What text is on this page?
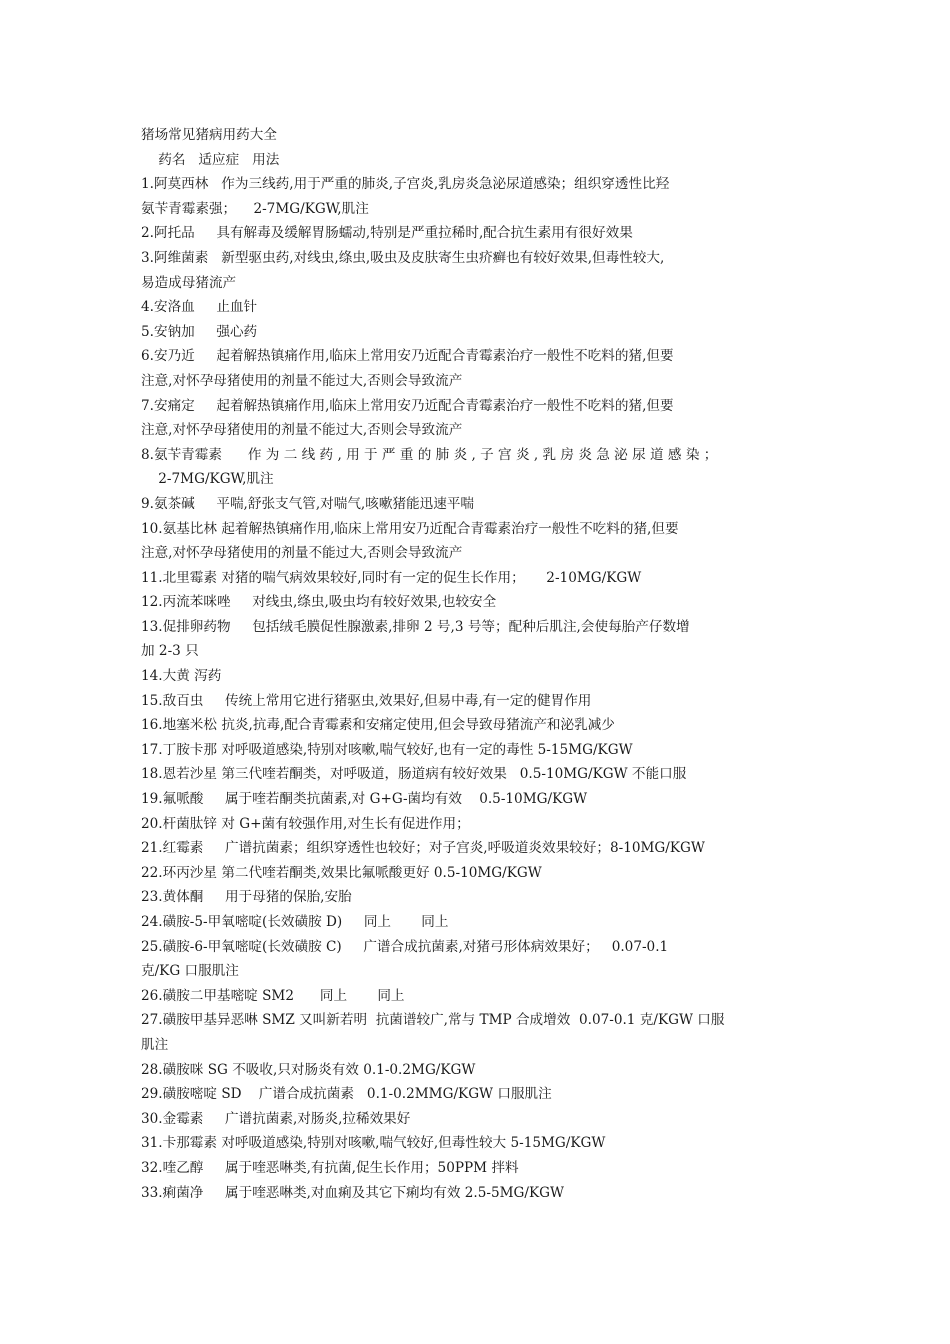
猪场常见猪病用药大全

药名   适应症   用法

1.阿莫西林   作为三线药,用于严重的肺炎,子宫炎,乳房炎急泌尿道感染；组织穿透性比羟

氨苄青霉素强；    2-7MG/KGW,肌注

2.阿托品     具有解毒及缓解胃肠蠕动,特别是严重拉稀时,配合抗生素用有很好效果

3.阿维菌素   新型驱虫药,对线虫,绦虫,吸虫及皮肤寄生虫疥癣也有较好效果,但毒性较大,

易造成母猪流产

4.安洛血     止血针

5.安钠加     强心药

6.安乃近     起着解热镇痛作用,临床上常用安乃近配合青霉素治疗一般性不吃料的猪,但要

注意,对怀孕母猪使用的剂量不能过大,否则会导致流产

7.安痛定     起着解热镇痛作用,临床上常用安乃近配合青霉素治疗一般性不吃料的猪,但要

注意,对怀孕母猪使用的剂量不能过大,否则会导致流产

8.氨苄青霉素      作 为 二 线 药 , 用 于 严 重 的 肺 炎 , 子 宫 炎 , 乳 房 炎 急 泌 尿 道 感 染 ；

2-7MG/KGW,肌注

9.氨茶碱     平喘,舒张支气管,对喘气,咳嗽猪能迅速平喘

10.氨基比林 起着解热镇痛作用,临床上常用安乃近配合青霉素治疗一般性不吃料的猪,但要

注意,对怀孕母猪使用的剂量不能过大,否则会导致流产

11.北里霉素 对猪的喘气病效果较好,同时有一定的促生长作用；     2-10MG/KGW

12.丙流苯咪唑     对线虫,绦虫,吸虫均有较好效果,也较安全

13.促排卵药物     包括绒毛膜促性腺激素,排卵 2 号,3 号等；配种后肌注,会使每胎产仔数增

加 2-3 只

14.大黄 泻药

15.敌百虫     传统上常用它进行猪驱虫,效果好,但易中毒,有一定的健胃作用

16.地塞米松 抗炎,抗毒,配合青霉素和安痛定使用,但会导致母猪流产和泌乳减少

17.丁胺卡那 对呼吸道感染,特别对咳嗽,喘气较好,也有一定的毒性 5-15MG/KGW

18.恩若沙星 第三代喹若酮类，对呼吸道，肠道病有较好效果   0.5-10MG/KGW 不能口服

19.氟哌酸     属于喹若酮类抗菌素,对 G+G-菌均有效    0.5-10MG/KGW

20.杆菌肽锌 对 G+菌有较强作用,对生长有促进作用；

21.红霉素     广谱抗菌素；组织穿透性也较好；对子宫炎,呼吸道炎效果较好；8-10MG/KGW

22.环丙沙星 第二代喹若酮类,效果比氟哌酸更好 0.5-10MG/KGW

23.黄体酮     用于母猪的保胎,安胎

24.磺胺-5-甲氧嘧啶(长效磺胺 D)     同上       同上

25.磺胺-6-甲氧嘧啶(长效磺胺 C)     广谱合成抗菌素,对猪弓形体病效果好；   0.07-0.1

克/KG 口服肌注

26.磺胺二甲基嘧啶 SM2      同上       同上

27.磺胺甲基异恶啉 SMZ 又叫新若明  抗菌谱较广,常与 TMP 合成增效  0.07-0.1 克/KGW 口服

肌注

28.磺胺咪 SG 不吸收,只对肠炎有效 0.1-0.2MG/KGW

29.磺胺嘧啶 SD    广谱合成抗菌素   0.1-0.2MMG/KGW 口服肌注

30.金霉素     广谱抗菌素,对肠炎,拉稀效果好

31.卡那霉素 对呼吸道感染,特别对咳嗽,喘气较好,但毒性较大 5-15MG/KGW

32.喹乙醇     属于喹恶啉类,有抗菌,促生长作用；50PPM 拌料

33.痢菌净     属于喹恶啉类,对血痢及其它下痢均有效 2.5-5MG/KGW
